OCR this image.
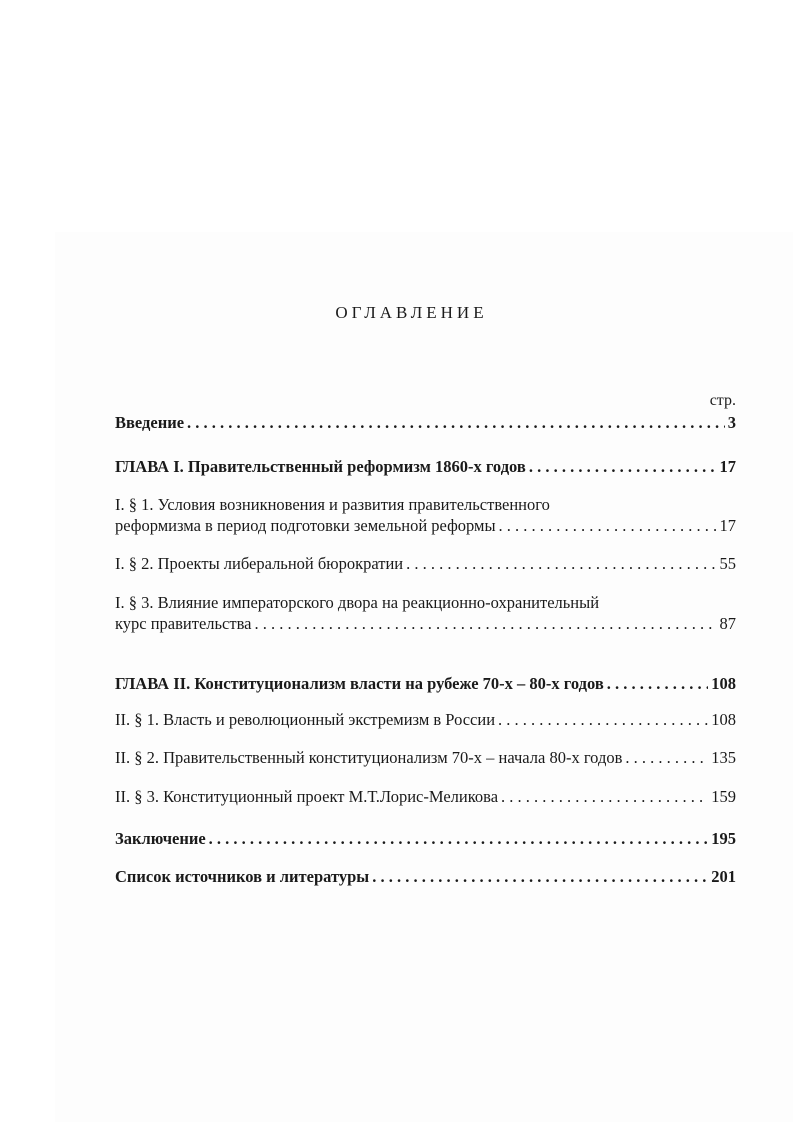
ОГЛАВЛЕНИЕ
стр.
Введение . . .	3
ГЛАВА I. Правительственный реформизм 1860-х годов . . .	17
I. § 1. Условия возникновения и развития правительственного
реформизма в период подготовки земельной реформы . . .	17
I. § 2. Проекты либеральной бюрократии . . .	55
I. § 3. Влияние императорского двора на реакционно-охранительный
курс правительства . . .	87
ГЛАВА II. Конституционализм власти на рубеже 70-х – 80-х годов . . .	108
II. § 1. Власть и революционный экстремизм в России . . .	108
II. § 2. Правительственный конституционализм 70-х – начала 80-х годов . . .	135
II. § 3. Конституционный проект М.Т.Лорис-Меликова . . .	159
Заключение . . .	195
Список источников и литературы . . .	201
